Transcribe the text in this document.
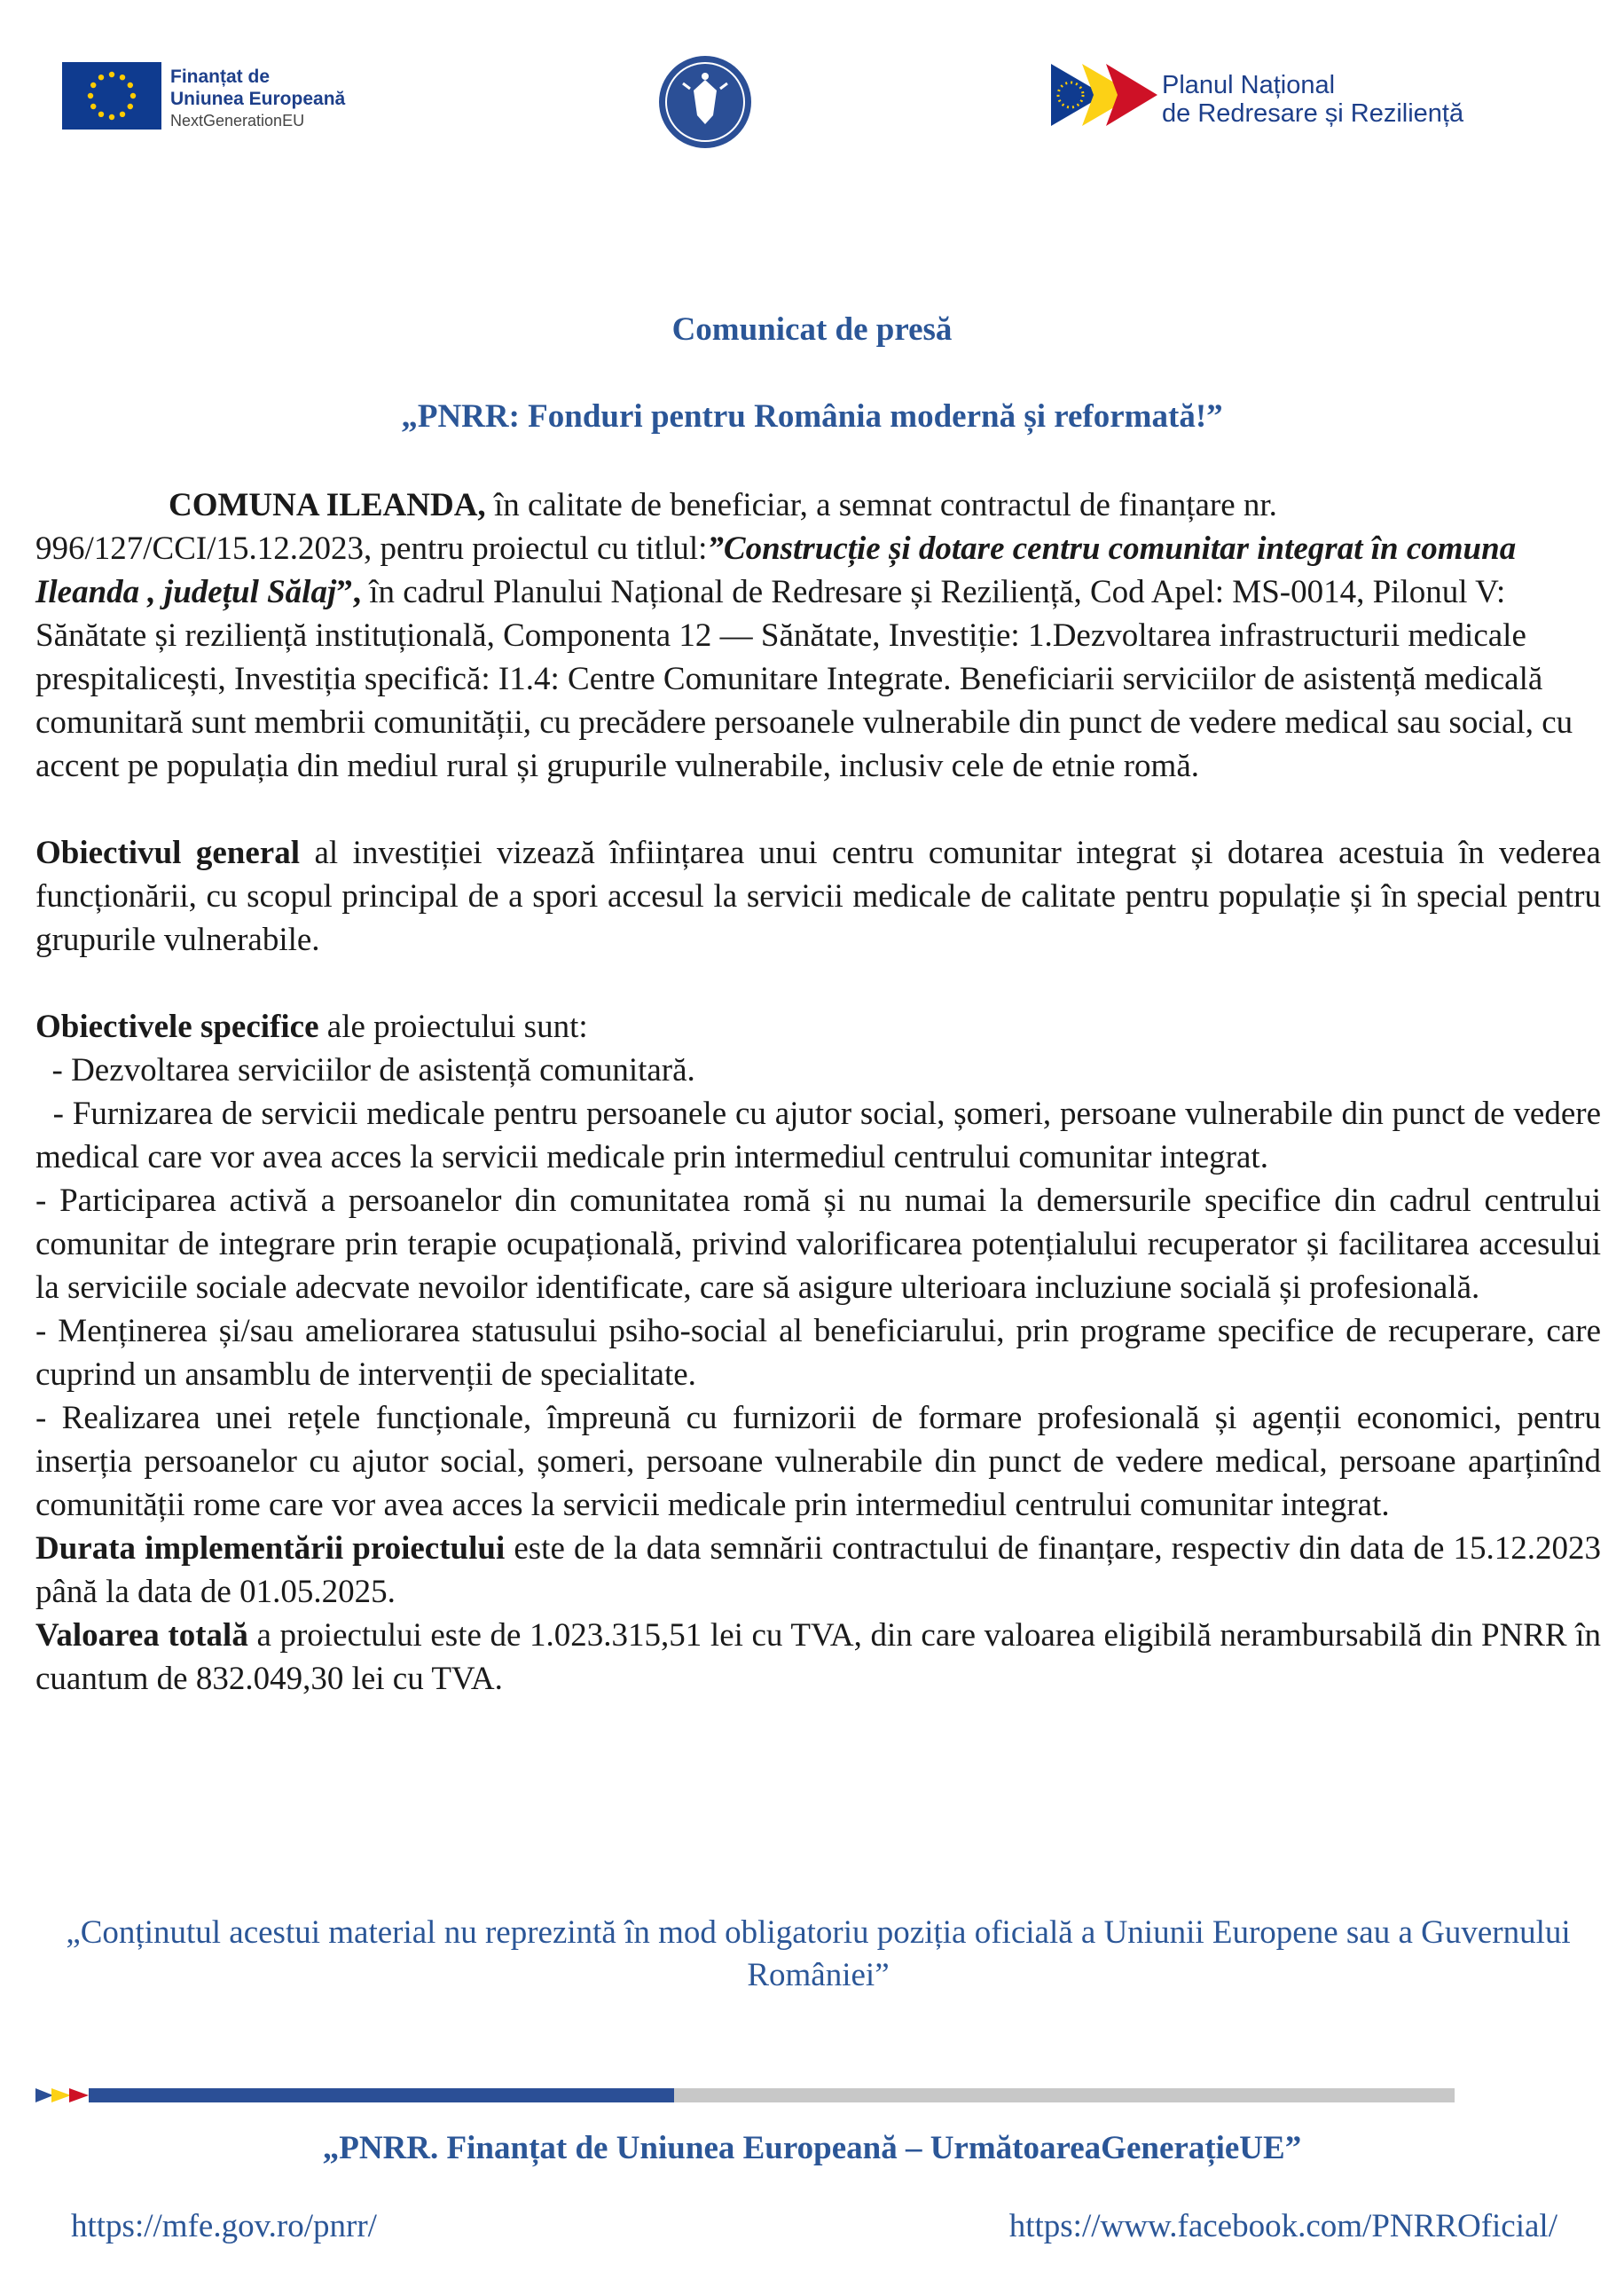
Finanțat de
Uniunea Europeană
NextGenerationEU
Planul Național
de Redresare și Reziliență
Comunicat de presă
„PNRR: Fonduri pentru România modernă și reformată!”

COMUNA ILEANDA, în calitate de beneficiar, a semnat contractul de finanțare nr. 996/127/CCI/15.12.2023, pentru proiectul cu titlul:”Construcție și dotare centru comunitar integrat în comuna Ileanda , județul Sălaj”, în cadrul Planului Național de Redresare și Reziliență, Cod Apel: MS-0014, Pilonul V: Sănătate și reziliență instituțională, Componenta 12 — Sănătate, Investiție: 1.Dezvoltarea infrastructurii medicale prespitalicești, Investiția specifică: I1.4: Centre Comunitare Integrate. Beneficiarii serviciilor de asistență medicală comunitară sunt membrii comunității, cu precădere persoanele vulnerabile din punct de vedere medical sau social, cu accent pe populația din mediul rural și grupurile vulnerabile, inclusiv cele de etnie romă.

Obiectivul general al investiției vizează înființarea unui centru comunitar integrat și dotarea acestuia în vederea funcționării, cu scopul principal de a spori accesul la servicii medicale de calitate pentru populație și în special pentru grupurile vulnerabile.

Obiectivele specifice ale proiectului sunt:

- Dezvoltarea serviciilor de asistență comunitară.

- Furnizarea de servicii medicale pentru persoanele cu ajutor social, șomeri, persoane vulnerabile din punct de vedere medical care vor avea acces la servicii medicale prin intermediul centrului comunitar integrat.

- Participarea activă a persoanelor din comunitatea romă și nu numai la demersurile specifice din cadrul centrului comunitar de integrare prin terapie ocupațională, privind valorificarea potențialului recuperator și facilitarea accesului la serviciile sociale adecvate nevoilor identificate, care să asigure ulterioara incluziune socială și profesională.

- Menținerea și/sau ameliorarea statusului psiho-social al beneficiarului, prin programe specifice de recuperare, care cuprind un ansamblu de intervenții de specialitate.

- Realizarea unei rețele funcționale, împreună cu furnizorii de formare profesională și agenții economici, pentru inserția persoanelor cu ajutor social, șomeri, persoane vulnerabile din punct de vedere medical, persoane aparținînd comunității rome care vor avea acces la servicii medicale prin intermediul centrului comunitar integrat.

Durata implementării proiectului este de la data semnării contractului de finanțare, respectiv din data de 15.12.2023 până la data de 01.05.2025.

Valoarea totală a proiectului este de 1.023.315,51 lei cu TVA, din care valoarea eligibilă nerambursabilă din PNRR în cuantum de 832.049,30 lei cu TVA.

„Conținutul acestui material nu reprezintă în mod obligatoriu poziția oficială a Uniunii Europene sau a Guvernului României”
„PNRR. Finanțat de Uniunea Europeană – UrmătoareaGenerațieUE”
https://mfe.gov.ro/pnrr/	https://www.facebook.com/PNRROficial/
